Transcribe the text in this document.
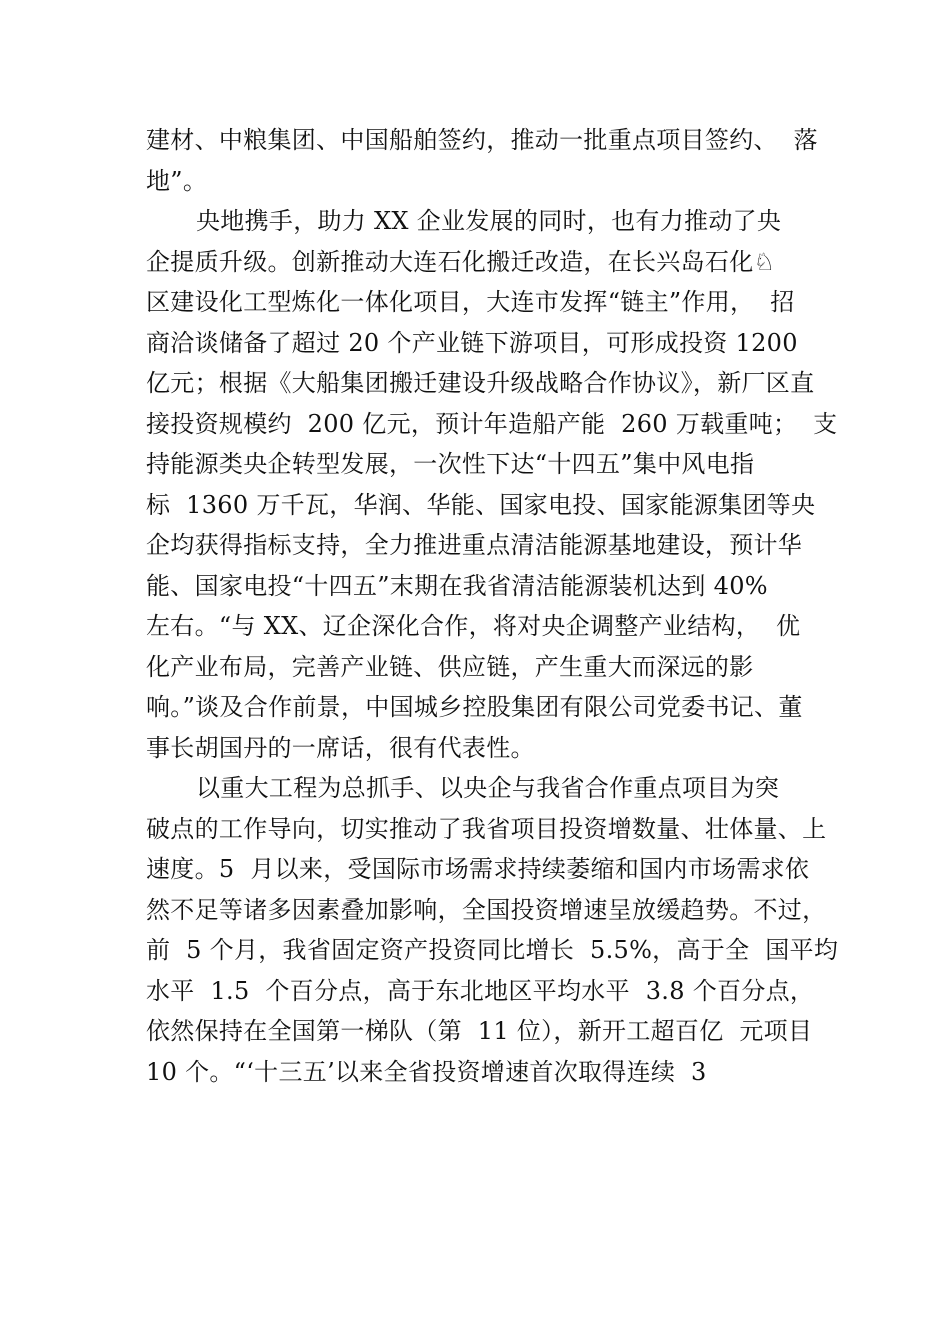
建材、中粮集团、中国船舶签约，推动一批重点项目签约、  落
地”。
央地携手，助力 XX 企业发展的同时，也有力推动了央
企提质升级。创新推动大连石化搬迁改造，在长兴岛石化♘
区建设化工型炼化一体化项目，大连市发挥“链主”作用，  招
商洽谈储备了超过 20 个产业链下游项目，可形成投资 1200
亿元；根据《大船集团搬迁建设升级战略合作协议》，新厂区直
接投资规模约  200 亿元，预计年造船产能  260 万载重吨；  支
持能源类央企转型发展，一次性下达“十四五”集中风电指
标  1360 万千瓦，华润、华能、国家电投、国家能源集团等央
企均获得指标支持，全力推进重点清洁能源基地建设，预计华
能、国家电投“十四五”末期在我省清洁能源装机达到 40%
左右。“与 XX、辽企深化合作，将对央企调整产业结构，  优
化产业布局，完善产业链、供应链，产生重大而深远的影
响。”谈及合作前景，中国城乡控股集团有限公司党委书记、董
事长胡国丹的一席话，很有代表性。
以重大工程为总抓手、以央企与我省合作重点项目为突
破点的工作导向，切实推动了我省项目投资增数量、壮体量、上
速度。5  月以来，受国际市场需求持续萎缩和国内市场需求依
然不足等诸多因素叠加影响，全国投资增速呈放缓趋势。不过，
前  5 个月，我省固定资产投资同比增长  5.5%，高于全  国平均
水平  1.5  个百分点，高于东北地区平均水平  3.8 个百分点，
依然保持在全国第一梯队（第  11 位），新开工超百亿  元项目
10 个。“‘十三五’以来全省投资增速首次取得连续  3
